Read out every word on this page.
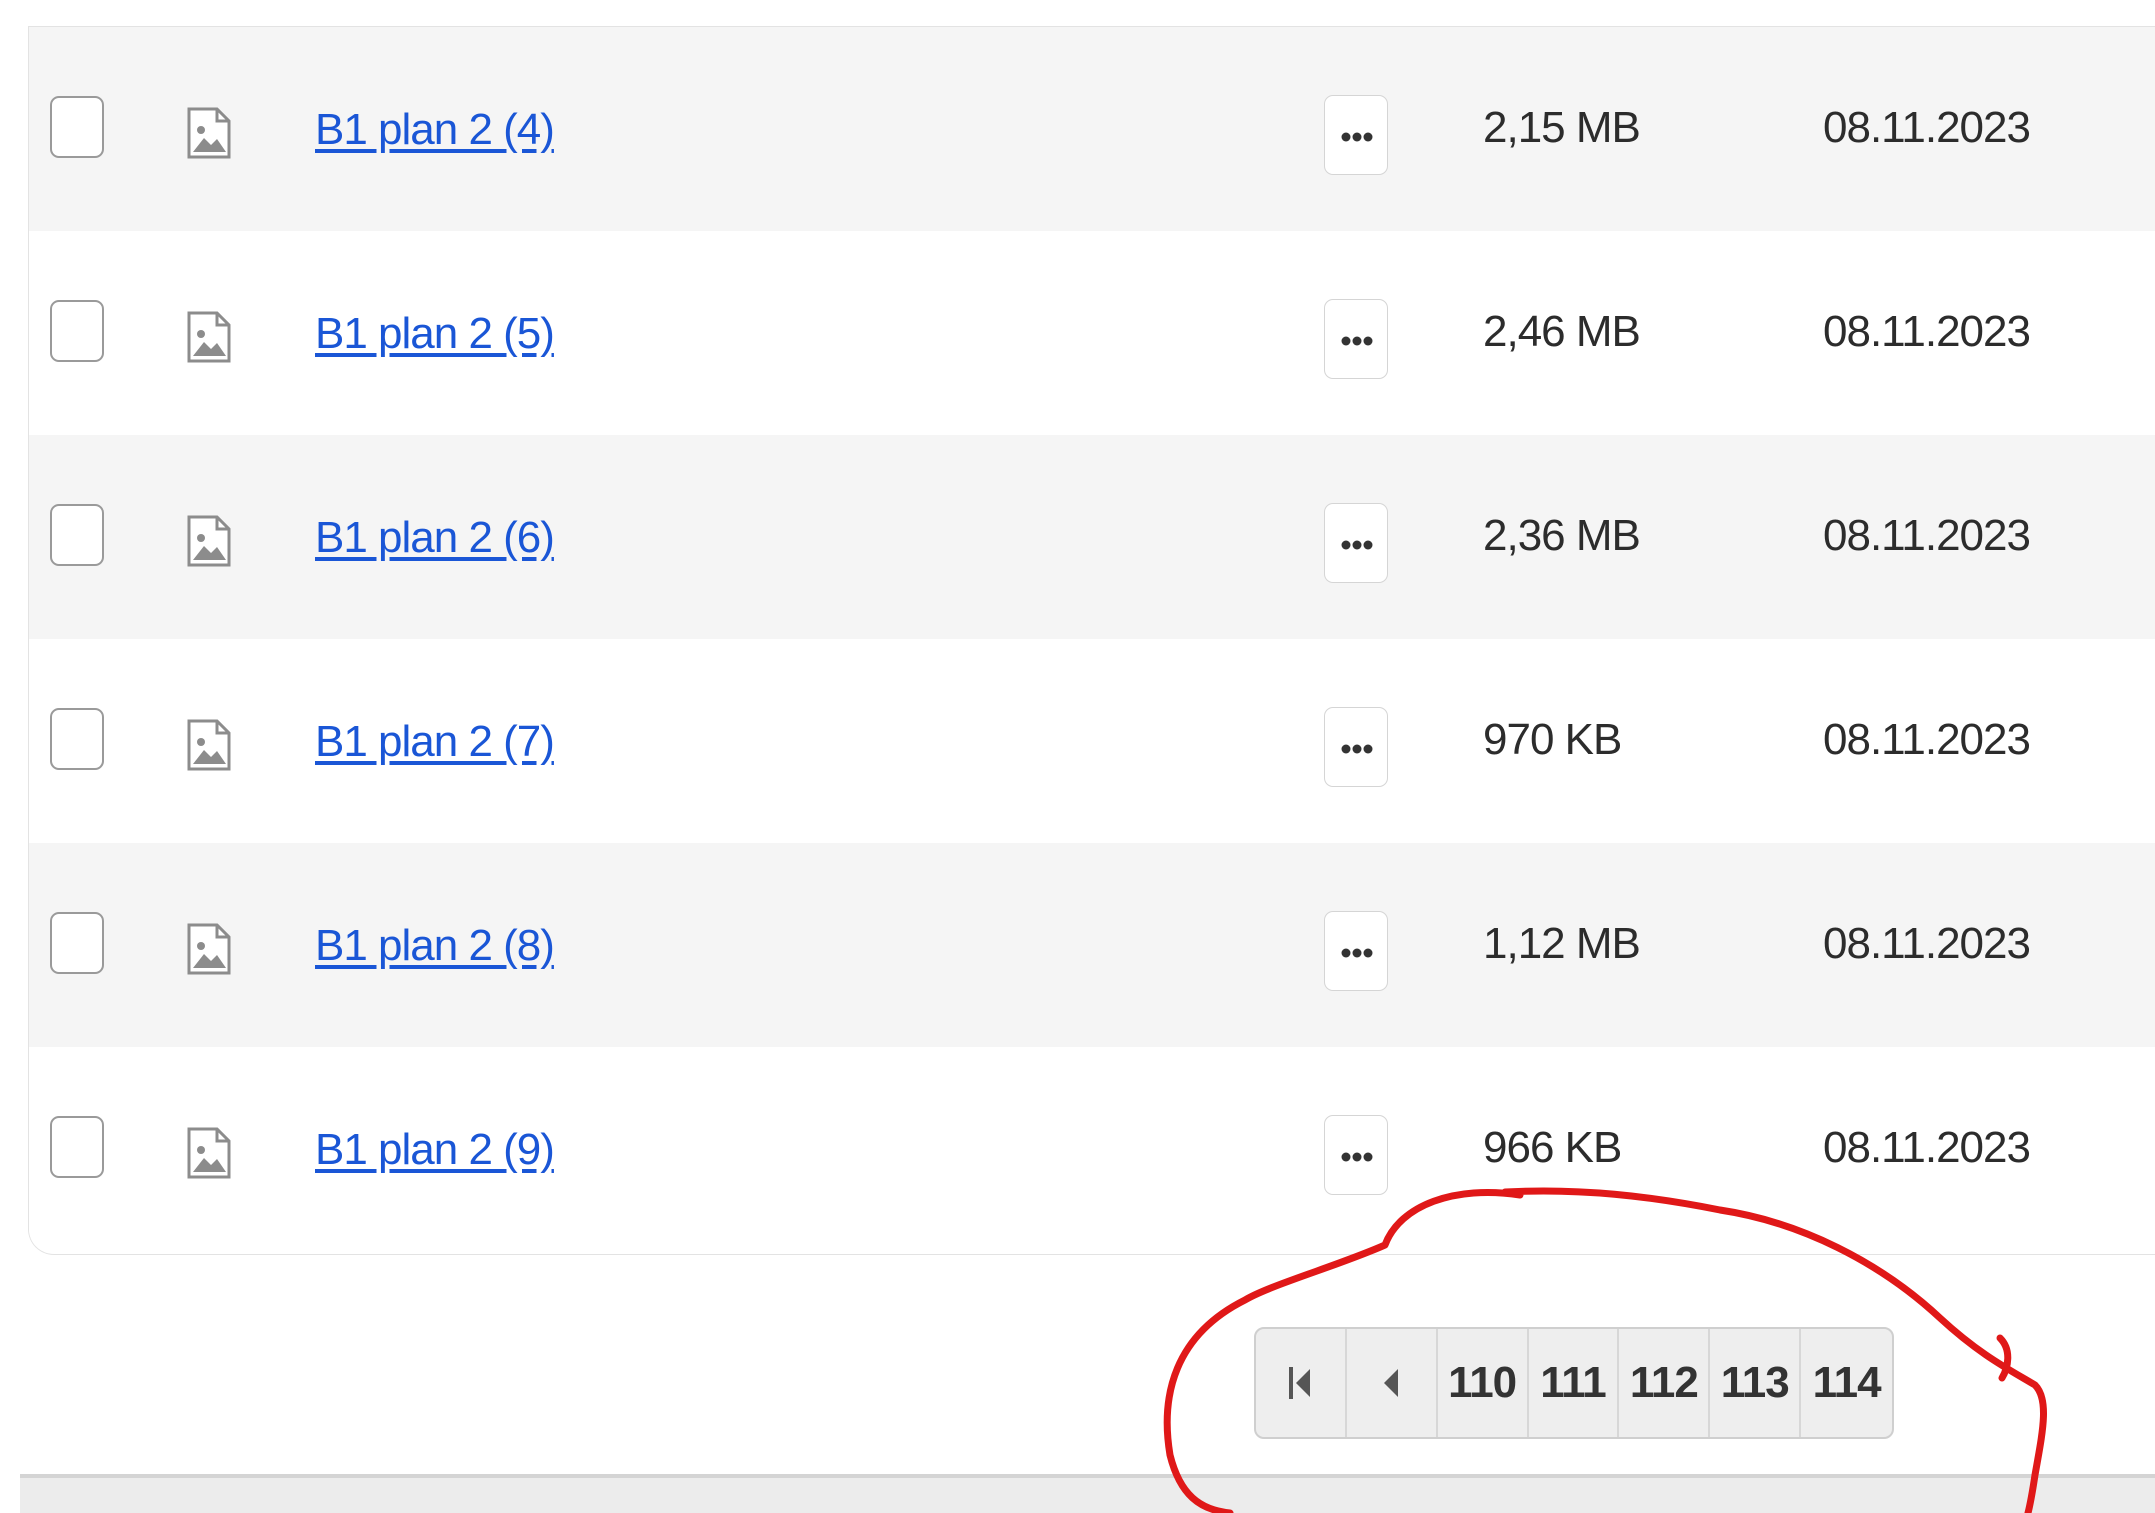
B1 plan 2 (4)	2,15 MB	08.11.2023
B1 plan 2 (5)	2,46 MB	08.11.2023
B1 plan 2 (6)	2,36 MB	08.11.2023
B1 plan 2 (7)	970 KB	08.11.2023
B1 plan 2 (8)	1,12 MB	08.11.2023
B1 plan 2 (9)	966 KB	08.11.2023
110 111 112 113 114
